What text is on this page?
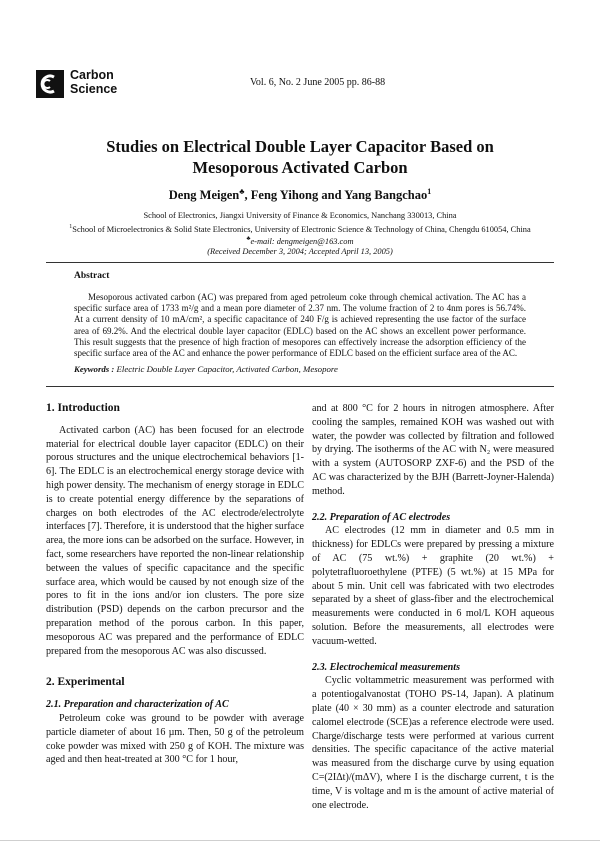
Carbon
Science	Vol. 6, No. 2 June 2005 pp. 86-88
Studies on Electrical Double Layer Capacitor Based on
Mesoporous Activated Carbon
Deng Meigen♣, Feng Yihong and Yang Bangchao$^1$
School of Electronics, Jiangxi University of Finance & Economics, Nanchang 330013, China
$^1$School of Microelectronics & Solid State Electronics, University of Electronic Science & Technology of China, Chengdu 610054, China
♣e-mail: dengmeigen@163.com
(Received December 3, 2004; Accepted April 13, 2005)
Abstract
Mesoporous activated carbon (AC) was prepared from aged petroleum coke through chemical activation. The AC has a specific surface area of 1733 m²/g and a mean pore diameter of 2.37 nm. The volume fraction of 2 to 4nm pores is 56.74%. At a current density of 10 mA/cm², a specific capacitance of 240 F/g is achieved representing the use factor of the surface area of 69.2%. And the electrical double layer capacitor (EDLC) based on the AC shows an excellent power performance. This result suggests that the presence of high fraction of mesopores can effectively increase the adsorption efficiency of the specific surface area of the AC and enhance the power performance of EDLC based on the efficient surface area of the AC.
Keywords : Electric Double Layer Capacitor, Activated Carbon, Mesopore
1. Introduction

Activated carbon (AC) has been focused for an electrode material for electrical double layer capacitor (EDLC) on their porous structures and the unique electrochemical behaviors [1-6]. The EDLC is an electrochemical energy storage device with high power density. The mechanism of energy storage in EDLC is to create potential energy difference by the separations of charges on both electrodes of the AC electrode/electrolyte interfaces [7]. Therefore, it is understood that the higher surface area, the more ions can be adsorbed on the surface. However, in fact, some researchers have reported the non-linear relationship between the values of specific capacitance and the specific surface area, which would be caused by not enough size of the pores to fit in the ions and/or ion clusters. The pore size distribution (PSD) depends on the carbon precursor and the preparation method of the porous carbon. In this paper, mesoporous AC was prepared and the performance of EDLC prepared from the mesoporous AC was also discussed.

2. Experimental
2.1. Preparation and characterization of AC

Petroleum coke was ground to be powder with average particle diameter of about 16 µm. Then, 50 g of the petroleum coke powder was mixed with 250 g of KOH. The mixture was aged and then heat-treated at 300 °C for 1 hour,

and at 800 °C for 2 hours in nitrogen atmosphere. After cooling the samples, remained KOH was washed out with water, the powder was collected by filtration and followed by drying. The isotherms of the AC with N₂ were measured with a system (AUTOSORP ZXF-6) and the PSD of the AC was characterized by the BJH (Barrett-Joyner-Halenda) method.

2.2. Preparation of AC electrodes

AC electrodes (12 mm in diameter and 0.5 mm in thickness) for EDLCs were prepared by pressing a mixture of AC (75 wt.%) + graphite (20 wt.%) + polytetrafluoroethylene (PTFE) (5 wt.%) at 15 MPa for about 5 min. Unit cell was fabricated with two electrodes separated by a sheet of glass-fiber and the electrochemical measurements were conducted in 6 mol/L KOH aqueous solution. Before the measurements, all electrodes were vacuum-wetted.

2.3. Electrochemical measurements

Cyclic voltammetric measurement was performed with a potentiogalvanostat (TOHO PS-14, Japan). A platinum plate (40 × 30 mm) as a counter electrode and saturation calomel electrode (SCE)as a reference electrode were used. Charge/discharge tests were performed at various current densities. The specific capacitance of the active material was measured from the discharge curve by using equation C=(2IΔt)/(mΔV), where I is the discharge current, t is the time, V is voltage and m is the amount of active material of one electrode.
